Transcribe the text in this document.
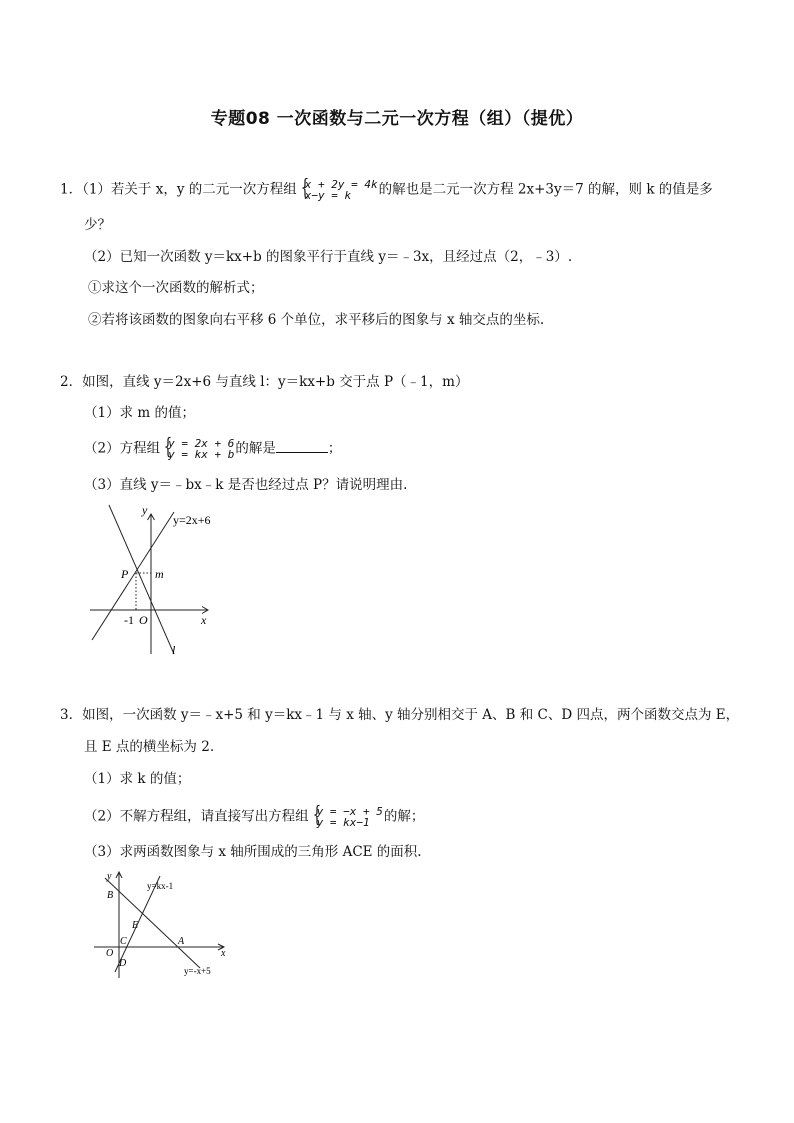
专题08 一次函数与二元一次方程（组）（提优）
1．（1）若关于 x，y 的二元一次方程组 {
x + 2y = 4k
x−y = k	的解也是二元一次方程 2x+3y＝7 的解，则 k 的值是多
少？
（2）已知一次函数 y＝kx+b 的图象平行于直线 y＝﹣3x，且经过点（2，﹣3）.
①求这个一次函数的解析式；
②若将该函数的图象向右平移 6 个单位，求平移后的图象与 x 轴交点的坐标.
2．如图，直线 y＝2x+6 与直线 l：y＝kx+b 交于点 P（﹣1，m）
（1）求 m 的值；
（2）方程组 {
y = 2x + 6
y = kx + b 的解是	；
（3）直线 y＝﹣bx﹣k 是否也经过点 P？请说明理由.
y=2x+6
y
x
P m
-1 O
l
3．如图，一次函数 y＝﹣x+5 和 y＝kx﹣1 与 x 轴、y 轴分别相交于 A、B 和 C、D 四点，两个函数交点为 E，
且 E 点的横坐标为 2.
（1）求 k 的值；
（2）不解方程组，请直接写出方程组 {
y = −x + 5
y = kx−1	的解；
（3）求两函数图象与 x 轴所围成的三角形 ACE 的面积.
y=kx-1
y=-x+5
y
x
B
E
C
O
D
A
